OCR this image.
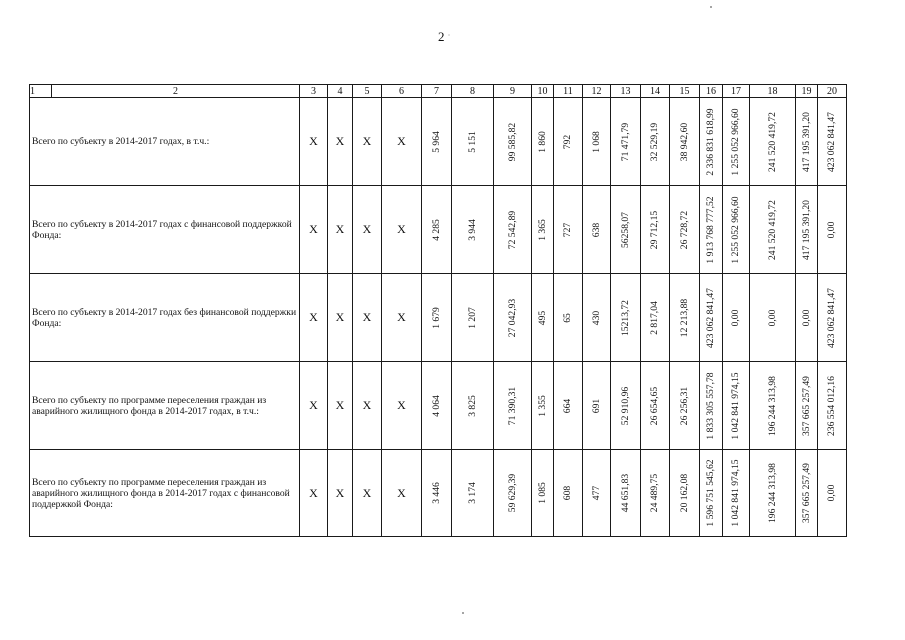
2 ˙
1	2	3	4	5	6	7	8	9	10	11	12	13	14	15	16	17	18	19	20
Всего по субъекту в 2014-2017 годах, в т.ч.:		X	X	X	X	5 964	5 151	99 585,82	1 860	792	1 068	71 471,79	32 529,19	38 942,60	2 336 831 618,99	1 255 052 966,60	241 520 419,72	417 195 391,20	423 062 841,47

Всего по субъекту в 2014-2017 годах с финансовой поддержкой Фонда:		X	X	X	X	4 285	3 944	72 542,89	1 365	727	638	56258,07	29 712,15	26 728,72	1 913 768 777,52	1 255 052 966,60	241 520 419,72	417 195 391,20	0,00

Всего по субъекту в 2014-2017 годах без финансовой поддержки Фонда:		X	X	X	X	1 679	1 207	27 042,93	495	65	430	15213,72	2 817,04	12 213,88	423 062 841,47	0,00	0,00	0,00	423 062 841,47

Всего по субъекту по программе переселения граждан из аварийного жилищного фонда в 2014-2017 годах, в т.ч.:		X	X	X	X	4 064	3 825	71 390,31	1 355	664	691	52 910,96	26 654,65	26 256,31	1 833 305 557,78	1 042 841 974,15	196 244 313,98	357 665 257,49	236 554 012,16

Всего по субъекту по программе переселения граждан из аварийного жилищного фонда в 2014-2017 годах с финансовой поддержкой Фонда:		X	X	X	X	3 446	3 174	59 629,39	1 085	608	477	44 651,83	24 489,75	20 162,08	1 596 751 545,62	1 042 841 974,15	196 244 313,98	357 665 257,49	0,00
